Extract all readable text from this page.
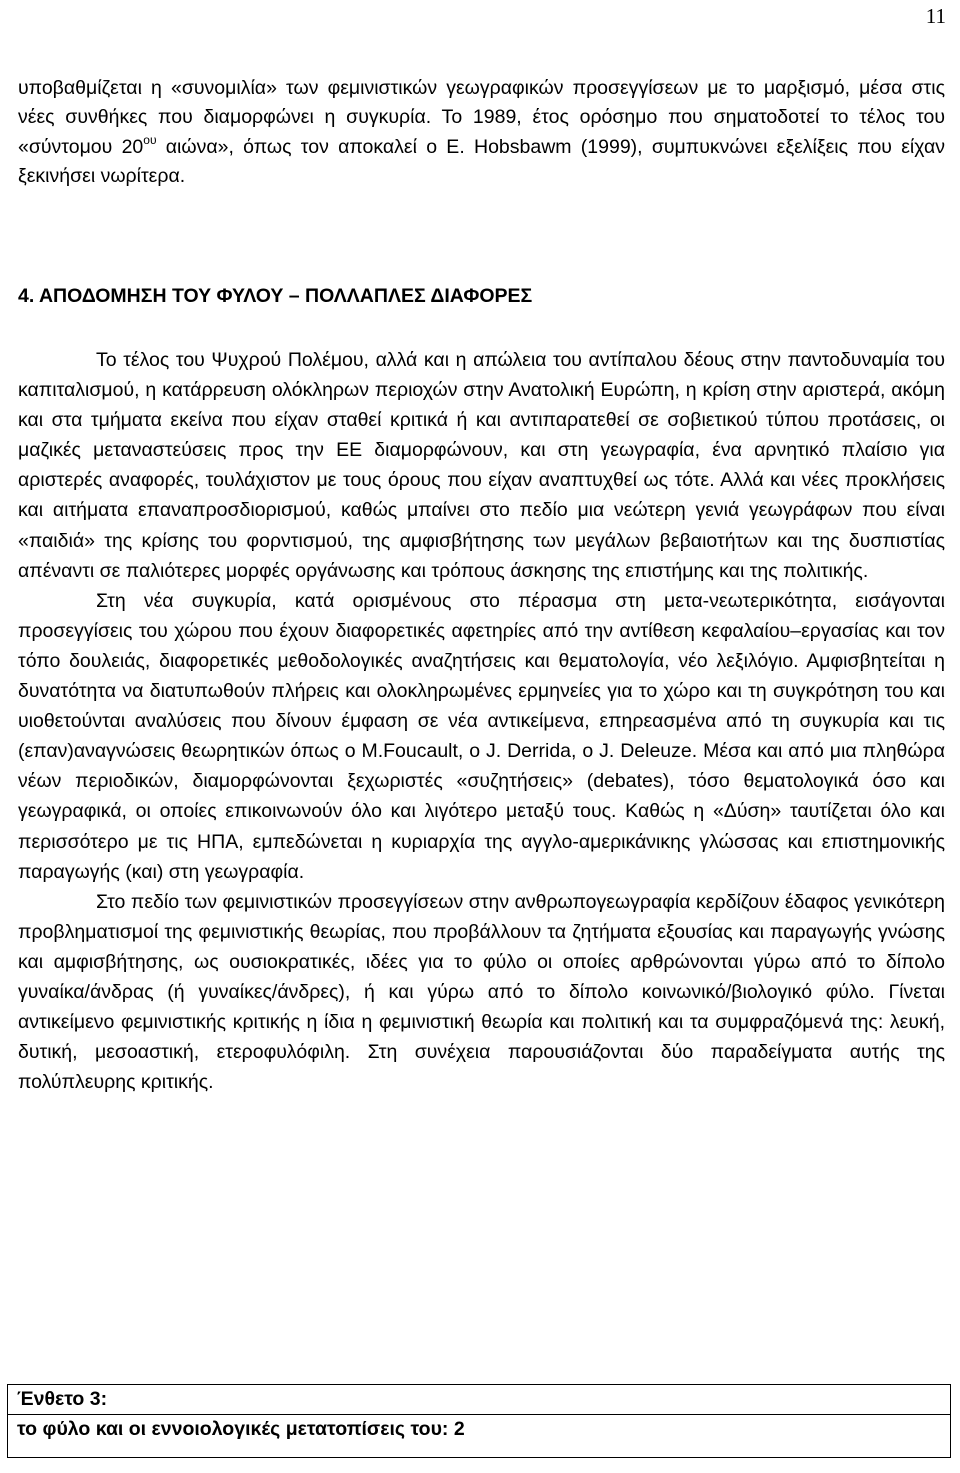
11

υποβαθμίζεται η «συνομιλία» των φεμινιστικών γεωγραφικών προσεγγίσεων με το μαρξισμό, μέσα στις νέες συνθήκες που διαμορφώνει η συγκυρία. Το 1989, έτος ορόσημο που σηματοδοτεί το τέλος του «σύντομου $20^{o\upsilon}$ αιώνα», όπως τον αποκαλεί ο E. Hobsbawm (1999), συμπυκνώνει εξελίξεις που είχαν ξεκινήσει νωρίτερα.

4. ΑΠΟΔΟΜΗΣΗ ΤΟΥ ΦΥΛΟΥ – ΠΟΛΛΑΠΛΕΣ ΔΙΑΦΟΡΕΣ

Το τέλος του Ψυχρού Πολέμου, αλλά και η απώλεια του αντίπαλου δέους στην παντοδυναμία του καπιταλισμού, η κατάρρευση ολόκληρων περιοχών στην Ανατολική Ευρώπη, η κρίση στην αριστερά, ακόμη και στα τμήματα εκείνα που είχαν σταθεί κριτικά ή και αντιπαρατεθεί σε σοβιετικού τύπου προτάσεις, οι μαζικές μεταναστεύσεις προς την ΕΕ διαμορφώνουν, και στη γεωγραφία, ένα αρνητικό πλαίσιο για αριστερές αναφορές, τουλάχιστον με τους όρους που είχαν αναπτυχθεί ως τότε. Αλλά και νέες προκλήσεις και αιτήματα επαναπροσδιορισμού, καθώς μπαίνει στο πεδίο μια νεώτερη γενιά γεωγράφων που είναι «παιδιά» της κρίσης του φορντισμού, της αμφισβήτησης των μεγάλων βεβαιοτήτων και της δυσπιστίας απέναντι σε παλιότερες μορφές οργάνωσης και τρόπους άσκησης της επιστήμης και της πολιτικής.

Στη νέα συγκυρία, κατά ορισμένους στο πέρασμα στη μετα-νεωτερικότητα, εισάγονται προσεγγίσεις του χώρου που έχουν διαφορετικές αφετηρίες από την αντίθεση κεφαλαίου–εργασίας και τον τόπο δουλειάς, διαφορετικές μεθοδολογικές αναζητήσεις και θεματολογία, νέο λεξιλόγιο. Αμφισβητείται η δυνατότητα να διατυπωθούν πλήρεις και ολοκληρωμένες ερμηνείες για το χώρο και τη συγκρότηση του και υιοθετούνται αναλύσεις που δίνουν έμφαση σε νέα αντικείμενα, επηρεασμένα από τη συγκυρία και τις (επαν)αναγνώσεις θεωρητικών όπως ο M.Foucault, ο J. Derrida, ο J. Deleuze. Μέσα και από μια πληθώρα νέων περιοδικών, διαμορφώνονται ξεχωριστές «συζητήσεις» (debates), τόσο θεματολογικά όσο και γεωγραφικά, οι οποίες επικοινωνούν όλο και λιγότερο μεταξύ τους. Καθώς η «Δύση» ταυτίζεται όλο και περισσότερο με τις ΗΠΑ, εμπεδώνεται η κυριαρχία της αγγλο-αμερικάνικης γλώσσας και επιστημονικής παραγωγής (και) στη γεωγραφία.

Στο πεδίο των φεμινιστικών προσεγγίσεων στην ανθρωπογεωγραφία κερδίζουν έδαφος γενικότερη προβληματισμοί της φεμινιστικής θεωρίας, που προβάλλουν τα ζητήματα εξουσίας και παραγωγής γνώσης και αμφισβήτησης, ως ουσιοκρατικές, ιδέες για το φύλο οι οποίες αρθρώνονται γύρω από το δίπολο γυναίκα/άνδρας (ή γυναίκες/άνδρες), ή και γύρω από το δίπολο κοινωνικό/βιολογικό φύλο. Γίνεται αντικείμενο φεμινιστικής κριτικής η ίδια η φεμινιστική θεωρία και πολιτική και τα συμφραζόμενά της: λευκή, δυτική, μεσοαστική, ετεροφυλόφιλη. Στη συνέχεια παρουσιάζονται δύο παραδείγματα αυτής της πολύπλευρης κριτικής.

Ένθετο 3:
το φύλο και οι εννοιολογικές μετατοπίσεις του: 2
